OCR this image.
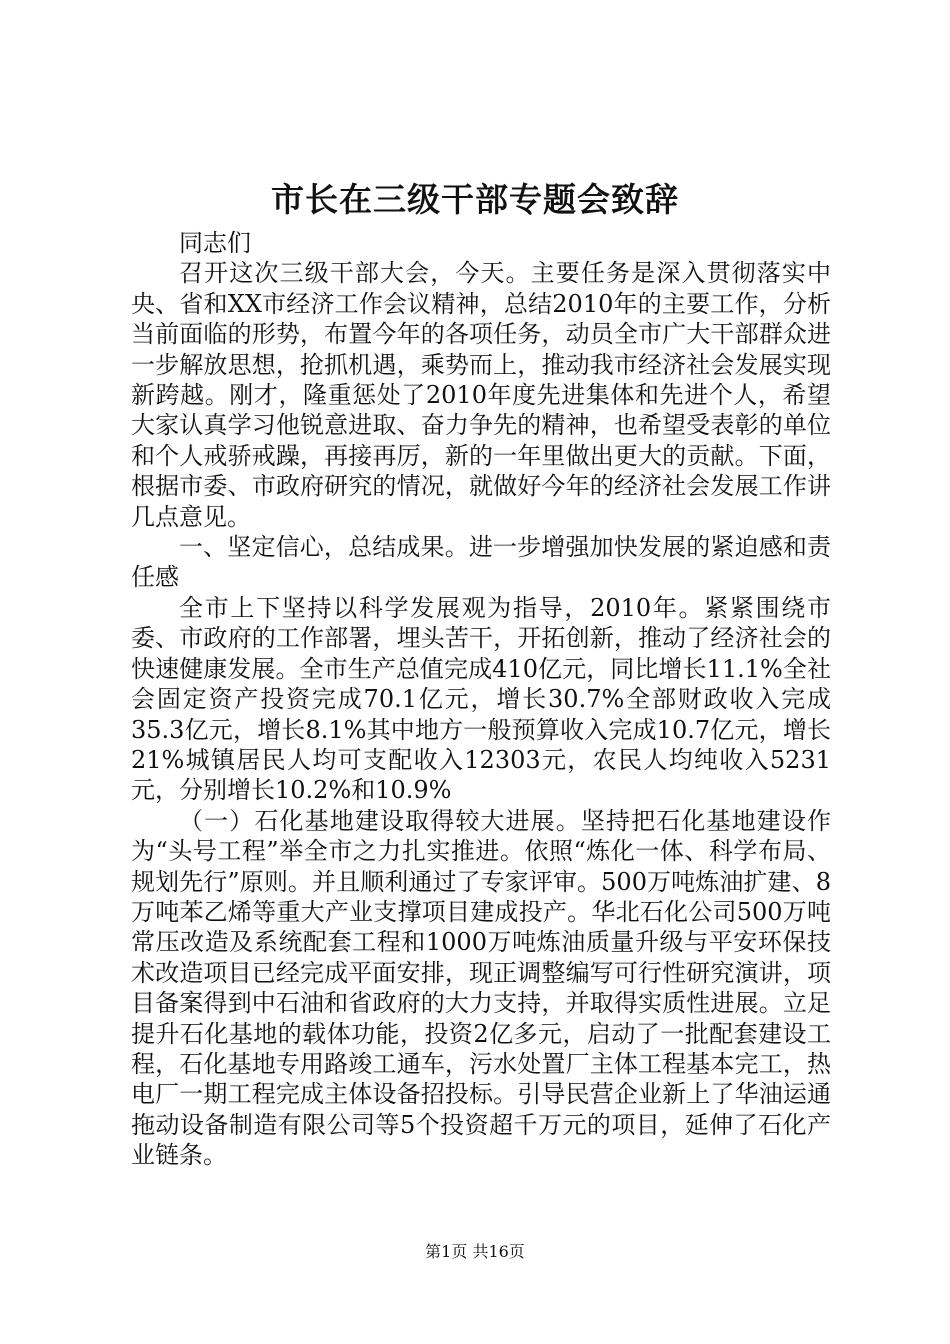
市长在三级干部专题会致辞

同志们

召开这次三级干部大会，今天。主要任务是深入贯彻落实中央、省和XX市经济工作会议精神，总结2010年的主要工作，分析当前面临的形势，布置今年的各项任务，动员全市广大干部群众进一步解放思想，抢抓机遇，乘势而上，推动我市经济社会发展实现新跨越。刚才，隆重惩处了2010年度先进集体和先进个人，希望大家认真学习他锐意进取、奋力争先的精神，也希望受表彰的单位和个人戒骄戒躁，再接再厉，新的一年里做出更大的贡献。下面，根据市委、市政府研究的情况，就做好今年的经济社会发展工作讲几点意见。

一、坚定信心，总结成果。进一步增强加快发展的紧迫感和责任感

全市上下坚持以科学发展观为指导，2010年。紧紧围绕市委、市政府的工作部署，埋头苦干，开拓创新，推动了经济社会的快速健康发展。全市生产总值完成410亿元，同比增长11.1%全社会固定资产投资完成70.1亿元，增长30.7%全部财政收入完成35.3亿元，增长8.1%其中地方一般预算收入完成10.7亿元，增长21%城镇居民人均可支配收入12303元，农民人均纯收入5231元，分别增长10.2%和10.9%

（一）石化基地建设取得较大进展。坚持把石化基地建设作为“头号工程”举全市之力扎实推进。依照“炼化一体、科学布局、规划先行”原则。并且顺利通过了专家评审。500万吨炼油扩建、8万吨苯乙烯等重大产业支撑项目建成投产。华北石化公司500万吨常压改造及系统配套工程和1000万吨炼油质量升级与平安环保技术改造项目已经完成平面安排，现正调整编写可行性研究演讲，项目备案得到中石油和省政府的大力支持，并取得实质性进展。立足提升石化基地的载体功能，投资2亿多元，启动了一批配套建设工程，石化基地专用路竣工通车，污水处置厂主体工程基本完工，热电厂一期工程完成主体设备招投标。引导民营企业新上了华油运通拖动设备制造有限公司等5个投资超千万元的项目，延伸了石化产业链条。

第1页 共16页
